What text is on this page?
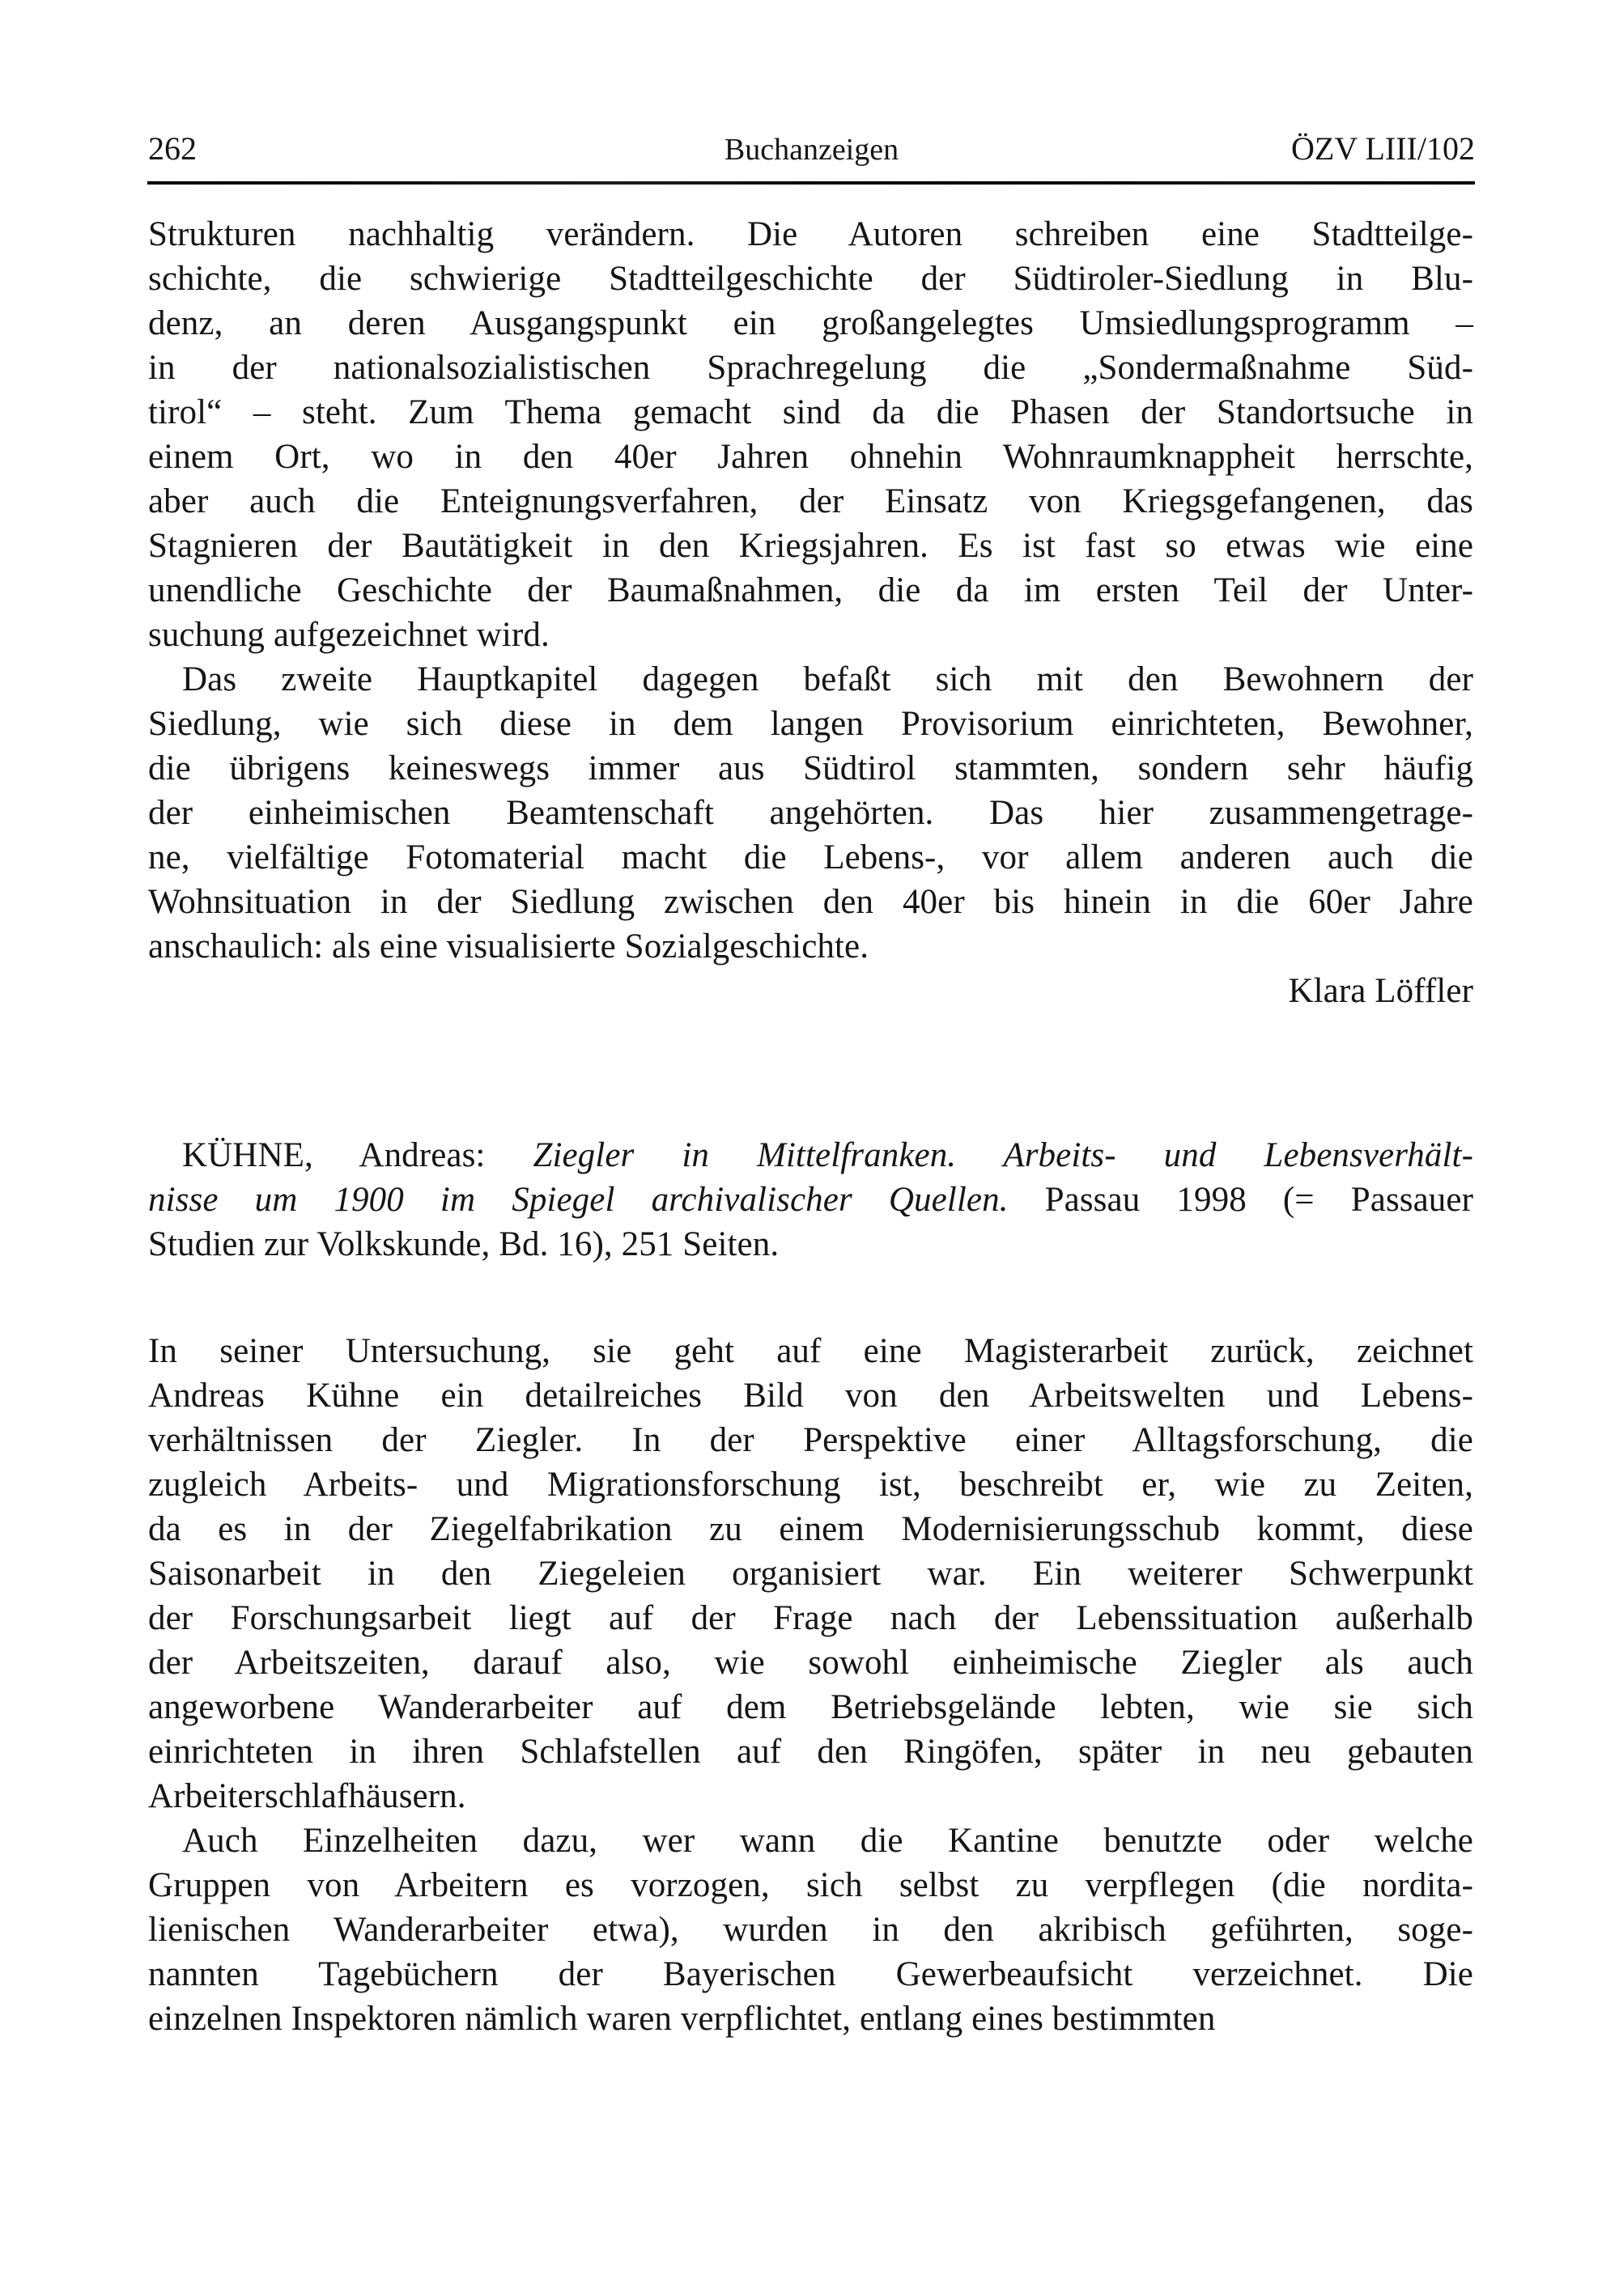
262	Buchanzeigen	ÖZV LIII/102
Strukturen nachhaltig verändern. Die Autoren schreiben eine Stadtteilge-
schichte, die schwierige Stadtteilgeschichte der Südtiroler-Siedlung in Blu-
denz, an deren Ausgangspunkt ein großangelegtes Umsiedlungsprogramm –
in der nationalsozialistischen Sprachregelung die „Sondermaßnahme Süd-
tirol“ – steht. Zum Thema gemacht sind da die Phasen der Standortsuche in
einem Ort, wo in den 40er Jahren ohnehin Wohnraumknappheit herrschte,
aber auch die Enteignungsverfahren, der Einsatz von Kriegsgefangenen, das
Stagnieren der Bautätigkeit in den Kriegsjahren. Es ist fast so etwas wie eine
unendliche Geschichte der Baumaßnahmen, die da im ersten Teil der Unter-
suchung aufgezeichnet wird.
Das zweite Hauptkapitel dagegen befaßt sich mit den Bewohnern der
Siedlung, wie sich diese in dem langen Provisorium einrichteten, Bewohner,
die übrigens keineswegs immer aus Südtirol stammten, sondern sehr häufig
der einheimischen Beamtenschaft angehörten. Das hier zusammengetrage-
ne, vielfältige Fotomaterial macht die Lebens-, vor allem anderen auch die
Wohnsituation in der Siedlung zwischen den 40er bis hinein in die 60er Jahre
anschaulich: als eine visualisierte Sozialgeschichte.
Klara Löffler
KÜHNE, Andreas: Ziegler in Mittelfranken. Arbeits- und Lebensverhält-
nisse um 1900 im Spiegel archivalischer Quellen. Passau 1998 (= Passauer
Studien zur Volkskunde, Bd. 16), 251 Seiten.
In seiner Untersuchung, sie geht auf eine Magisterarbeit zurück, zeichnet
Andreas Kühne ein detailreiches Bild von den Arbeitswelten und Lebens-
verhältnissen der Ziegler. In der Perspektive einer Alltagsforschung, die
zugleich Arbeits- und Migrationsforschung ist, beschreibt er, wie zu Zeiten,
da es in der Ziegelfabrikation zu einem Modernisierungsschub kommt, diese
Saisonarbeit in den Ziegeleien organisiert war. Ein weiterer Schwerpunkt
der Forschungsarbeit liegt auf der Frage nach der Lebenssituation außerhalb
der Arbeitszeiten, darauf also, wie sowohl einheimische Ziegler als auch
angeworbene Wanderarbeiter auf dem Betriebsgelände lebten, wie sie sich
einrichteten in ihren Schlafstellen auf den Ringöfen, später in neu gebauten
Arbeiterschlafhäusern.
Auch Einzelheiten dazu, wer wann die Kantine benutzte oder welche
Gruppen von Arbeitern es vorzogen, sich selbst zu verpflegen (die nordita-
lienischen Wanderarbeiter etwa), wurden in den akribisch geführten, soge-
nannten Tagebüchern der Bayerischen Gewerbeaufsicht verzeichnet. Die
einzelnen Inspektoren nämlich waren verpflichtet, entlang eines bestimmten
